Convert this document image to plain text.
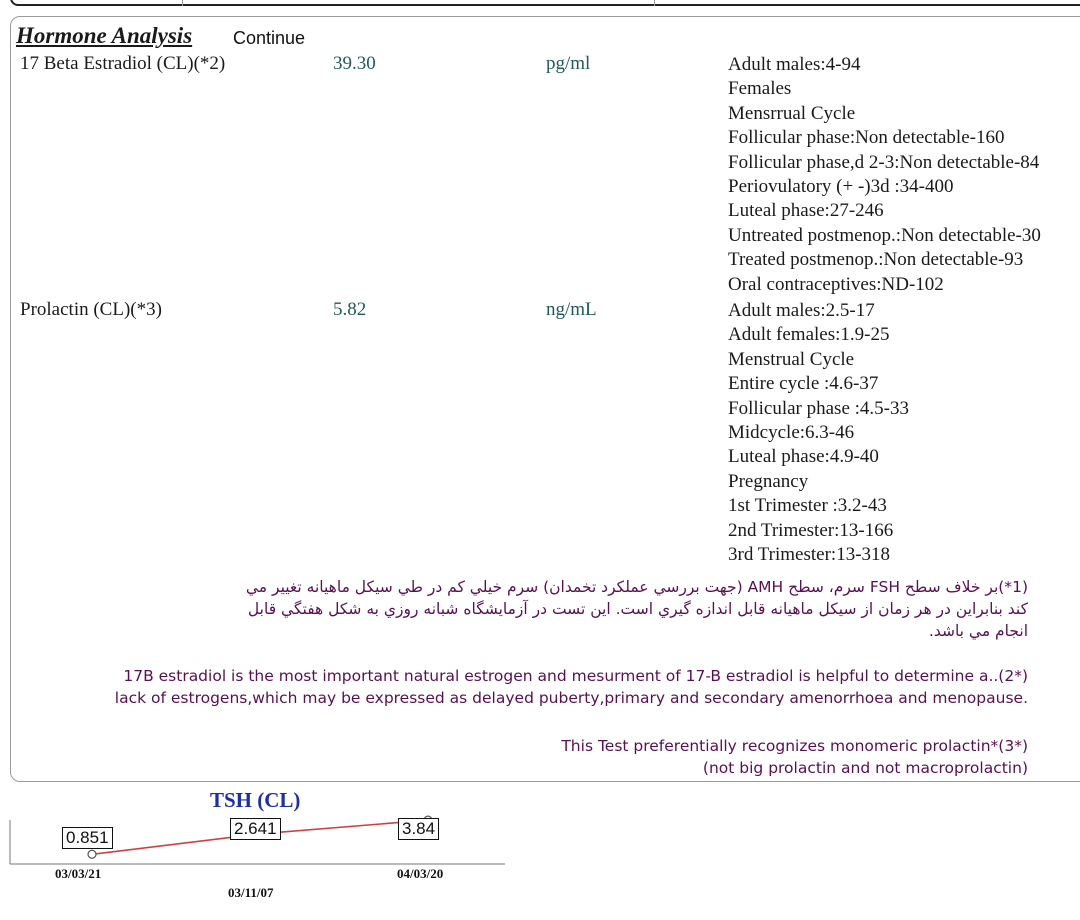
Hormone Analysis Continue
17 Beta Estradiol (CL)(*2)	39.30	pg/ml	Adult males:4-94
Females
Mensrrual Cycle
Follicular phase:Non detectable-160
Follicular phase,d 2-3:Non detectable-84
Periovulatory (+ -)3d :34-400
Luteal phase:27-246
Untreated postmenop.:Non detectable-30
Treated postmenop.:Non detectable-93
Oral contraceptives:ND-102
Prolactin (CL)(*3)	5.82	ng/mL	Adult males:2.5-17
Adult females:1.9-25
Menstrual Cycle
Entire cycle :4.6-37
Follicular phase :4.5-33
Midcycle:6.3-46
Luteal phase:4.9-40
Pregnancy
1st Trimester :3.2-43
2nd Trimester:13-166
3rd Trimester:13-318

(1*)بر خلاف سطح FSH سرم، سطح AMH (جهت بررسي عملكرد تخمدان) سرم خيلي كم در طي سيكل ماهيانه تغيير مي

كند بنابراين در هر زمان از سيكل ماهيانه قابل اندازه گيري است. اين تست در آزمايشگاه شبانه روزي به شكل هفتگي قابل

انجام مي باشد.

17B estradiol is the most important natural estrogen and mesurment of 17-B estradiol is helpful to determine a..(2*)

.lack of estrogens,which may be expressed as delayed puberty,primary and secondary amenorrhoea and menopause

This Test preferentially recognizes monomeric prolactin*(3*)

(not big prolactin and not macroprolactin)

TSH (CL)
0.851	2.641	3.84
03/03/21
03/11/07
04/03/20
